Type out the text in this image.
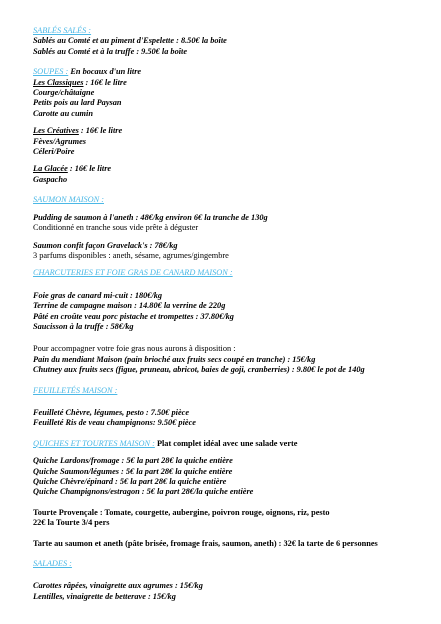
SABLÉS SALÉS :
Sablés au Comté et au piment d'Espelette : 8.50€ la boîte
Sablés au Comté et à la truffe : 9.50€ la boîte
SOUPES : En bocaux d'un litre
Les Classiques : 16€ le litre
Courge/châtaigne
Petits pois au lard Paysan
Carotte au cumin
Les Créatives : 16€ le litre
Fèves/Agrumes
Céleri/Poire
La Glacée : 16€ le litre
Gaspacho
SAUMON MAISON :
Pudding de saumon à l'aneth : 48€/kg environ 6€ la tranche de 130g
Conditionné en tranche sous vide prête à déguster
Saumon confit façon Gravelack's : 78€/kg
3 parfums disponibles : aneth, sésame, agrumes/gingembre
CHARCUTERIES ET FOIE GRAS DE CANARD MAISON :
Foie gras de canard mi-cuit : 180€/kg
Terrine de campagne maison : 14.80€ la verrine de 220g
Pâté en croûte veau porc pistache et trompettes : 37.80€/kg
Saucisson à la truffe : 58€/kg
Pour accompagner votre foie gras nous aurons à disposition :
Pain du mendiant Maison (pain brioché aux fruits secs coupé en tranche) : 15€/kg
Chutney aux fruits secs (figue, pruneau, abricot, baies de goji, cranberries) : 9.80€ le pot de 140g
FEUILLETÉS MAISON :
Feuilleté Chèvre, légumes, pesto : 7.50€ pièce
Feuilleté Ris de veau champignons: 9.50€ pièce
QUICHES ET TOURTES MAISON : Plat complet idéal avec une salade verte
Quiche Lardons/fromage : 5€ la part 28€ la quiche entière
Quiche Saumon/légumes : 5€ la part 28€ la quiche entière
Quiche Chèvre/épinard : 5€ la part 28€ la quiche entière
Quiche Champignons/estragon : 5€ la part 28€/la quiche entière
Tourte Provençale : Tomate, courgette, aubergine, poivron rouge, oignons, riz, pesto
22€ la Tourte 3/4 pers
Tarte au saumon et aneth (pâte brisée, fromage frais, saumon, aneth) : 32€ la tarte de 6 personnes
SALADES :
Carottes râpées, vinaigrette aux agrumes : 15€/kg
Lentilles, vinaigrette de betterave : 15€/kg
